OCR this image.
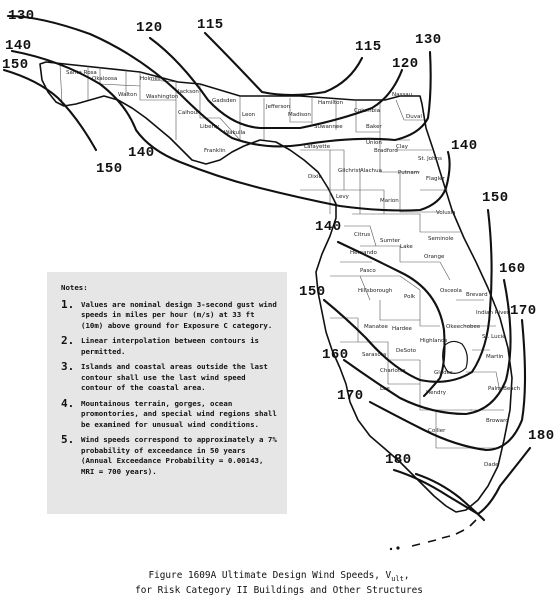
Santa Rosa
Okaloosa	Holmes
Walton Washington
Jackson
Calhoun
Gadsden
Leon
Liberty
Jefferson
Madison
Hamilton
Columbia
Baker
Nassau
Duval
Wakulla
Franklin
Suwannee
Lafayette
Union
Bradford
Clay
St. Johns
Dixie
Gilchrist Alachua	Putnam
Flagler
Levy
Marion
Volusia
Citrus
Sumter
Lake
Seminole
Hernando
Orange
Pasco
Hillsborough
Polk
Osceola
Brevard
Indian River
Manatee Hardee	Okeechobee
St. Lucie
Highlands
Sarasota
DeSoto
Martin
Charlotte	Glades
Palm Beach
Lee
Hendry
Broward
Collier
Dade
130
140
150
120 115
115 130
120
140
150
140
150
140
160
150
170
160
170
180
180
Notes:
1. Values are nominal design 3-second gust wind speeds in miles per hour (m/s) at 33 ft (10m) above ground for Exposure C category.
2. Linear interpolation between contours is permitted.
3. Islands and coastal areas outside the last contour shall use the last wind speed contour of the coastal area.
4. Mountainous terrain, gorges, ocean promontories, and special wind regions shall be examined for unusual wind conditions.
5. Wind speeds correspond to approximately a 7% probability of exceedance in 50 years (Annual Exceedance Probability = 0.00143, MRI = 700 years).
Figure 1609A Ultimate Design Wind Speeds, $V_{ult}$,
for Risk Category II Buildings and Other Structures
